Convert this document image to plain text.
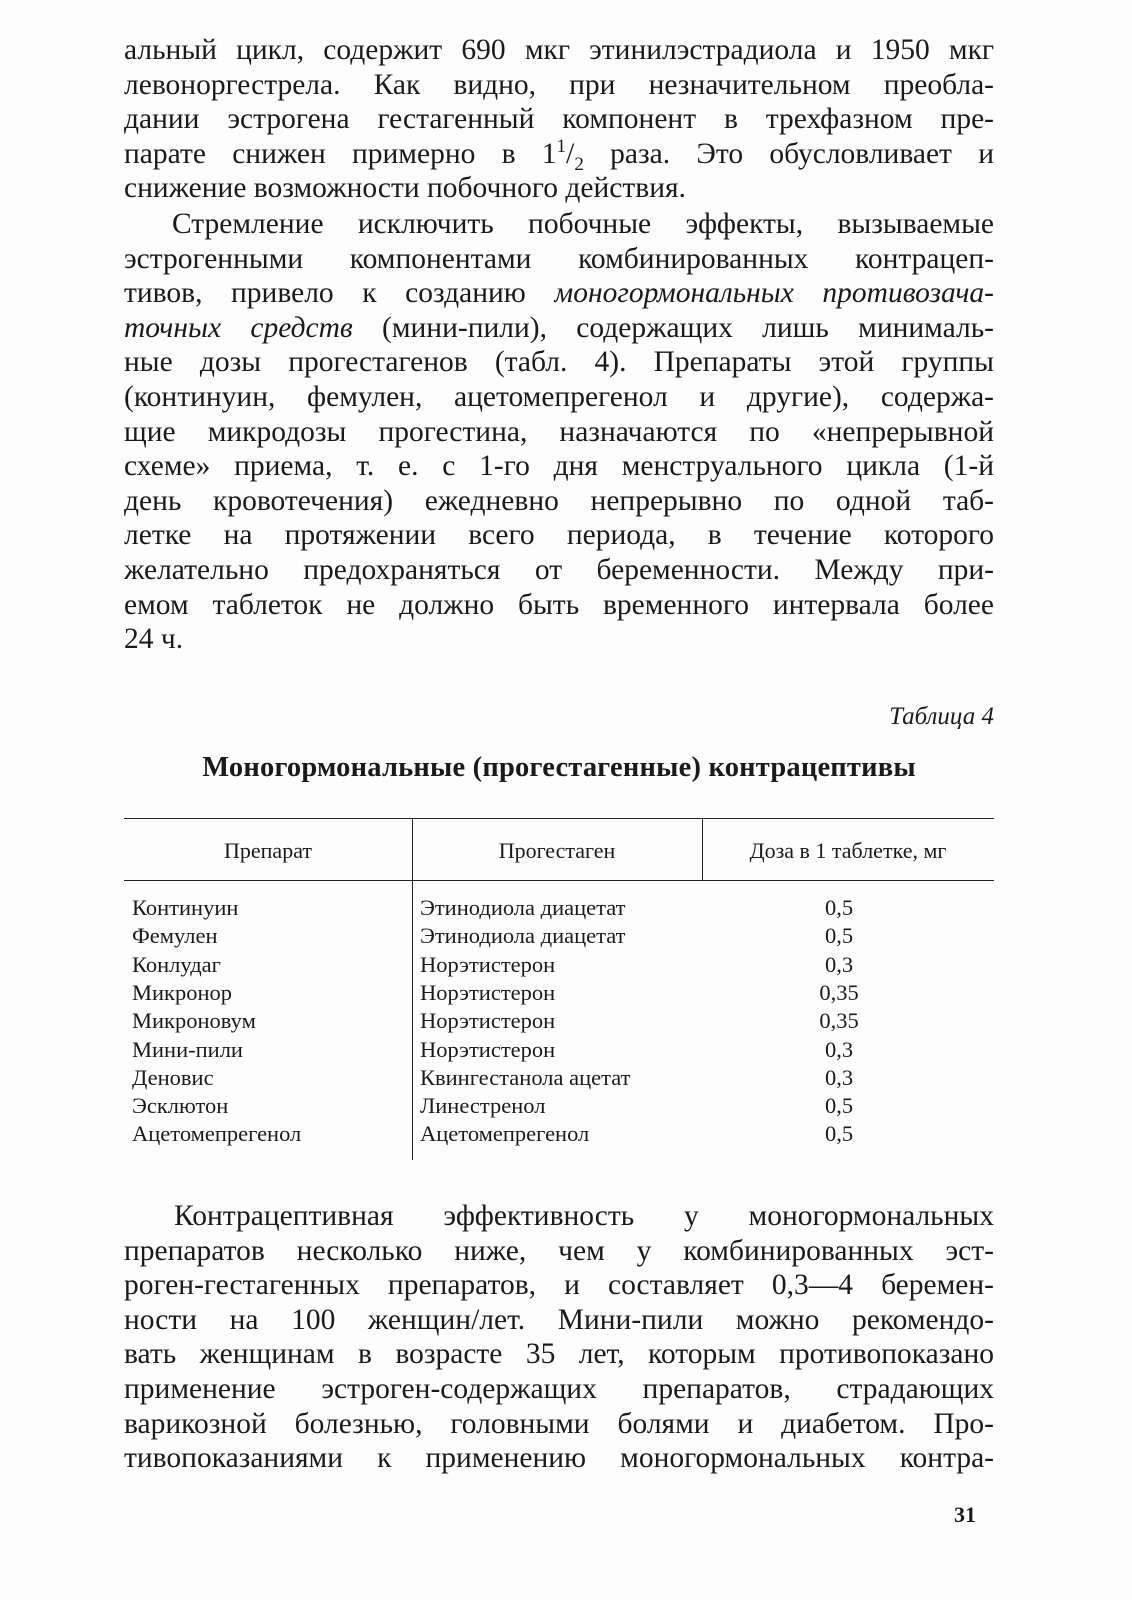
альный цикл, содержит 690 мкг этинилэстрадиола и 1950 мкг
левоноргестрела. Как видно, при незначительном преобла-
дании эстрогена гестагенный компонент в трехфазном пре-
парате снижен примерно в $1^1/_2$ раза. Это обусловливает и
снижение возможности побочного действия.
Стремление исключить побочные эффекты, вызываемые
эстрогенными компонентами комбинированных контрацеп-
тивов, привело к созданию моногормональных противозача-
точных средств (мини-пили), содержащих лишь минималь-
ные дозы прогестагенов (табл. 4). Препараты этой группы
(континуин, фемулен, ацетомепрегенол и другие), содержа-
щие микродозы прогестина, назначаются по «непрерывной
схеме» приема, т. е. с 1-го дня менструального цикла (1-й
день кровотечения) ежедневно непрерывно по одной таб-
летке на протяжении всего периода, в течение которого
желательно предохраняться от беременности. Между при-
емом таблеток не должно быть временного интервала более
24 ч.
Таблица 4
Моногормональные (прогестагенные) контрацептивы
Препарат	Прогестаген	Доза в 1 таблетке, мг
Континуин	Этинодиола диацетат	0,5
Фемулен	Этинодиола диацетат	0,5
Конлудаг	Норэтистерон	0,3
Микронор	Норэтистерон	0,35
Микроновум	Норэтистерон	0,35
Мини-пили	Норэтистерон	0,3
Деновис	Квингестанола ацетат	0,3
Эсклютон	Линестренол	0,5
Ацетомепрегенол	Ацетомепрегенол	0,5
Контрацептивная эффективность у моногормональных
препаратов несколько ниже, чем у комбинированных эст-
роген-гестагенных препаратов, и составляет 0,3—4 беремен-
ности на 100 женщин/лет. Мини-пили можно рекомендо-
вать женщинам в возрасте 35 лет, которым противопоказано
применение эстроген-содержащих препаратов, страдающих
варикозной болезнью, головными болями и диабетом. Про-
тивопоказаниями к применению моногормональных контра-
31
